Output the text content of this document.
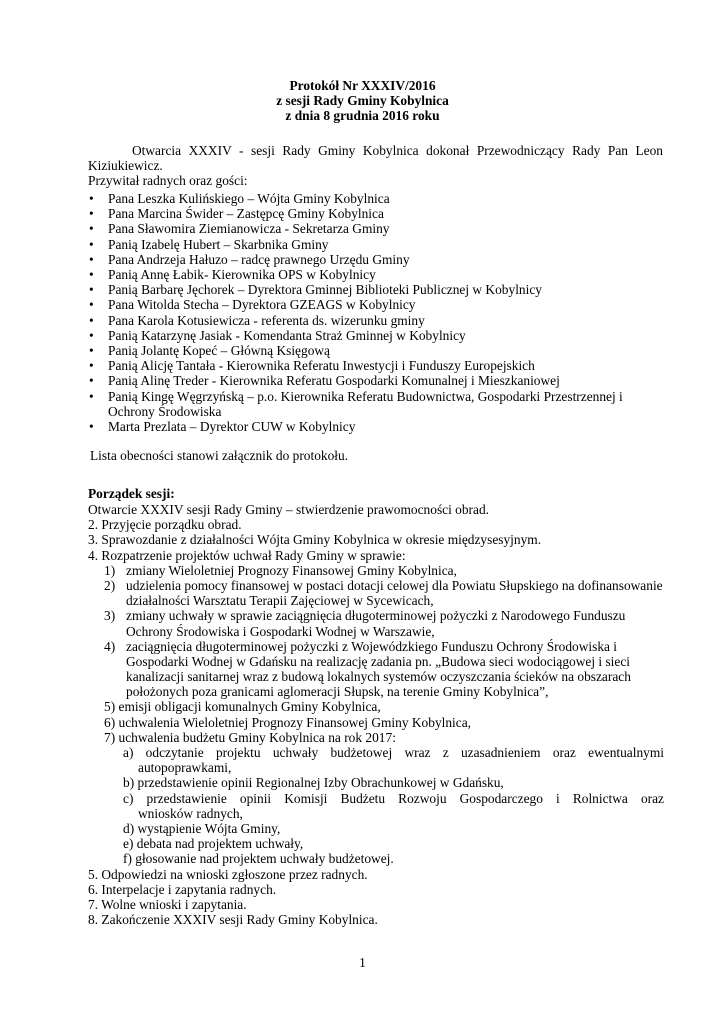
Protokół Nr XXXIV/2016
z sesji Rady Gminy Kobylnica
z dnia 8 grudnia 2016 roku
Otwarcia XXXIV - sesji Rady Gminy Kobylnica dokonał Przewodniczący Rady Pan Leon
Kiziukiewicz.
Przywitał radnych oraz gości:
• Pana Leszka Kulińskiego – Wójta Gminy Kobylnica
• Pana Marcina Świder – Zastępcę Gminy Kobylnica
• Pana Sławomira Ziemianowicza - Sekretarza Gminy
• Panią Izabelę Hubert – Skarbnika Gminy
• Pana Andrzeja Hałuzo – radcę prawnego Urzędu Gminy
• Panią Annę Łabik- Kierownika OPS w Kobylnicy
• Panią Barbarę Jęchorek – Dyrektora Gminnej Biblioteki Publicznej w Kobylnicy
• Pana Witolda Stecha – Dyrektora GZEAGS w Kobylnicy
• Pana Karola Kotusiewicza - referenta ds. wizerunku gminy
• Panią Katarzynę Jasiak - Komendanta Straż Gminnej w Kobylnicy
• Panią Jolantę Kopeć – Główną Księgową
• Panią Alicję Tantała - Kierownika Referatu Inwestycji i Funduszy Europejskich
• Panią Alinę Treder - Kierownika Referatu Gospodarki Komunalnej i Mieszkaniowej
• Panią Kingę Węgrzyńską – p.o. Kierownika Referatu Budownictwa, Gospodarki Przestrzennej i
Ochrony Środowiska
• Marta Prezlata – Dyrektor CUW w Kobylnicy
Lista obecności stanowi załącznik do protokołu.
Porządek sesji:
Otwarcie XXXIV sesji Rady Gminy – stwierdzenie prawomocności obrad.
2. Przyjęcie porządku obrad.
3. Sprawozdanie z działalności Wójta Gminy Kobylnica w okresie międzysesyjnym.
4. Rozpatrzenie projektów uchwał Rady Gminy w sprawie:
1) zmiany Wieloletniej Prognozy Finansowej Gminy Kobylnica,
2) udzielenia pomocy finansowej w postaci dotacji celowej dla Powiatu Słupskiego na dofinansowanie
działalności Warsztatu Terapii Zajęciowej w Sycewicach,
3) zmiany uchwały w sprawie zaciągnięcia długoterminowej pożyczki z Narodowego Funduszu
Ochrony Środowiska i Gospodarki Wodnej w Warszawie,
4) zaciągnięcia długoterminowej pożyczki z Wojewódzkiego Funduszu Ochrony Środowiska i
Gospodarki Wodnej w Gdańsku na realizację zadania pn. „Budowa sieci wodociągowej i sieci
kanalizacji sanitarnej wraz z budową lokalnych systemów oczyszczania ścieków na obszarach
położonych poza granicami aglomeracji Słupsk, na terenie Gminy Kobylnica”,
5) emisji obligacji komunalnych Gminy Kobylnica,
6) uchwalenia Wieloletniej Prognozy Finansowej Gminy Kobylnica,
7) uchwalenia budżetu Gminy Kobylnica na rok 2017:
a) odczytanie projektu uchwały budżetowej wraz z uzasadnieniem oraz ewentualnymi
autopoprawkami,
b) przedstawienie opinii Regionalnej Izby Obrachunkowej w Gdańsku,
c) przedstawienie opinii Komisji Budżetu Rozwoju Gospodarczego i Rolnictwa oraz
wniosków radnych,
d) wystąpienie Wójta Gminy,
e) debata nad projektem uchwały,
f) głosowanie nad projektem uchwały budżetowej.
5. Odpowiedzi na wnioski zgłoszone przez radnych.
6. Interpelacje i zapytania radnych.
7. Wolne wnioski i zapytania.
8. Zakończenie XXXIV sesji Rady Gminy Kobylnica.
1
